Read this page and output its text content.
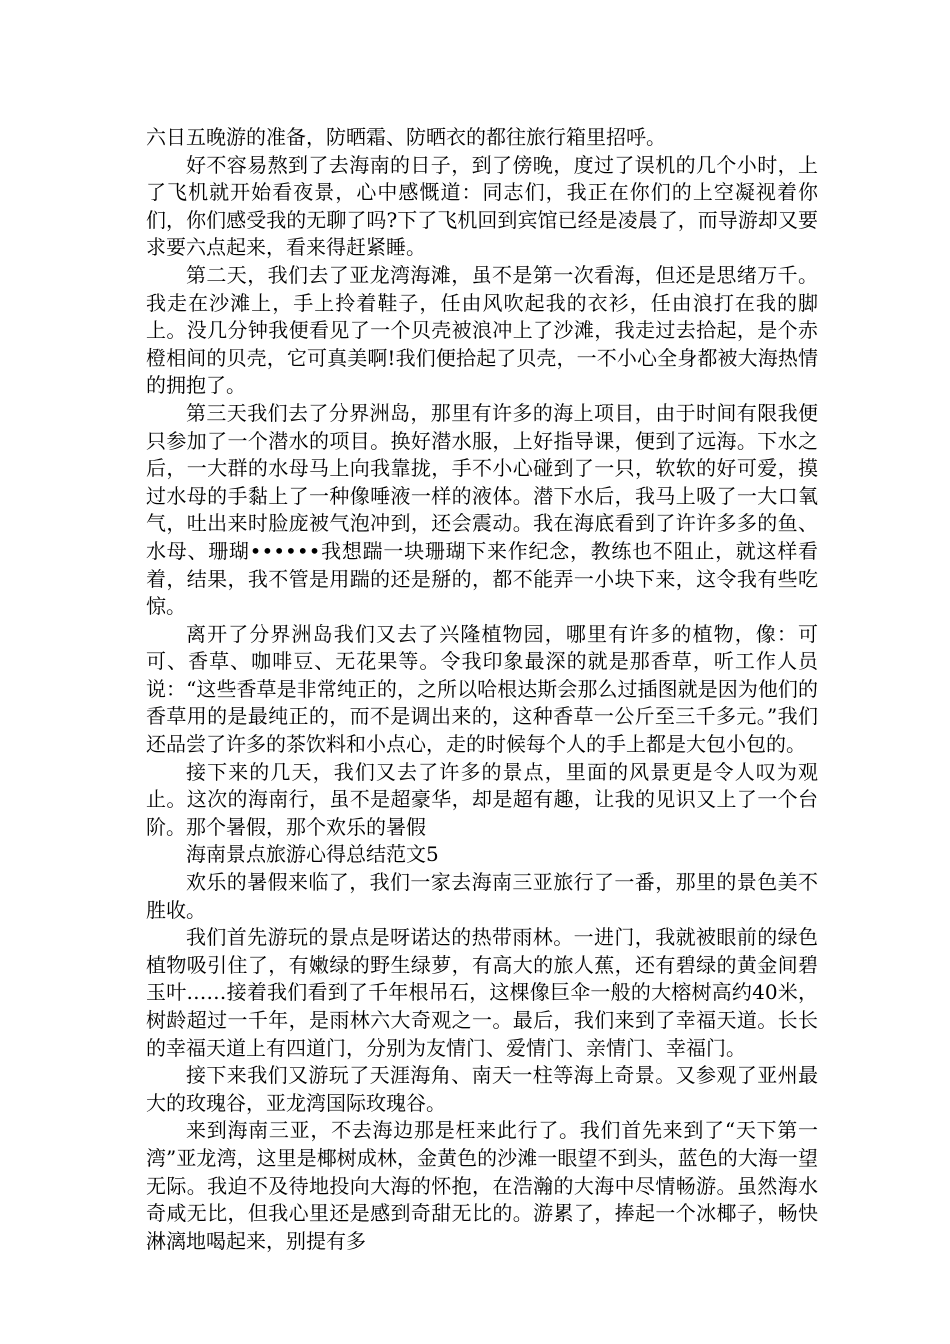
六日五晚游的准备，防晒霜、防晒衣的都往旅行箱里招呼。

好不容易熬到了去海南的日子，到了傍晚，度过了误机的几个小时，上了飞机就开始看夜景，心中感慨道：同志们，我正在你们的上空凝视着你们，你们感受我的无聊了吗?下了飞机回到宾馆已经是凌晨了，而导游却又要求要六点起来，看来得赶紧睡。

第二天，我们去了亚龙湾海滩，虽不是第一次看海，但还是思绪万千。我走在沙滩上，手上拎着鞋子，任由风吹起我的衣衫，任由浪打在我的脚上。没几分钟我便看见了一个贝壳被浪冲上了沙滩，我走过去拾起，是个赤橙相间的贝壳，它可真美啊!我们便拾起了贝壳，一不小心全身都被大海热情的拥抱了。

第三天我们去了分界洲岛，那里有许多的海上项目，由于时间有限我便只参加了一个潜水的项目。换好潜水服，上好指导课，便到了远海。下水之后，一大群的水母马上向我靠拢，手不小心碰到了一只，软软的好可爱，摸过水母的手黏上了一种像唾液一样的液体。潜下水后，我马上吸了一大口氧气，吐出来时脸庞被气泡冲到，还会震动。我在海底看到了许许多多的鱼、水母、珊瑚••••••我想踹一块珊瑚下来作纪念，教练也不阻止，就这样看着，结果，我不管是用踹的还是掰的，都不能弄一小块下来，这令我有些吃惊。

离开了分界洲岛我们又去了兴隆植物园，哪里有许多的植物，像：可可、香草、咖啡豆、无花果等。令我印象最深的就是那香草，听工作人员说：“这些香草是非常纯正的，之所以哈根达斯会那么过插图就是因为他们的香草用的是最纯正的，而不是调出来的，这种香草一公斤至三千多元。”我们还品尝了许多的茶饮料和小点心，走的时候每个人的手上都是大包小包的。

接下来的几天，我们又去了许多的景点，里面的风景更是令人叹为观止。这次的海南行，虽不是超豪华，却是超有趣，让我的见识又上了一个台阶。那个暑假，那个欢乐的暑假

海南景点旅游心得总结范文5

欢乐的暑假来临了，我们一家去海南三亚旅行了一番，那里的景色美不胜收。

我们首先游玩的景点是呀诺达的热带雨林。一进门，我就被眼前的绿色植物吸引住了，有嫩绿的野生绿萝，有高大的旅人蕉，还有碧绿的黄金间碧玉叶……接着我们看到了千年根吊石，这棵像巨伞一般的大榕树高约40米，树龄超过一千年，是雨林六大奇观之一。最后，我们来到了幸福天道。长长的幸福天道上有四道门，分别为友情门、爱情门、亲情门、幸福门。

接下来我们又游玩了天涯海角、南天一柱等海上奇景。又参观了亚州最大的玫瑰谷，亚龙湾国际玫瑰谷。

来到海南三亚，不去海边那是枉来此行了。我们首先来到了“天下第一湾”亚龙湾，这里是椰树成林，金黄色的沙滩一眼望不到头，蓝色的大海一望无际。我迫不及待地投向大海的怀抱，在浩瀚的大海中尽情畅游。虽然海水奇咸无比，但我心里还是感到奇甜无比的。游累了，捧起一个冰椰子，畅快淋漓地喝起来，别提有多
